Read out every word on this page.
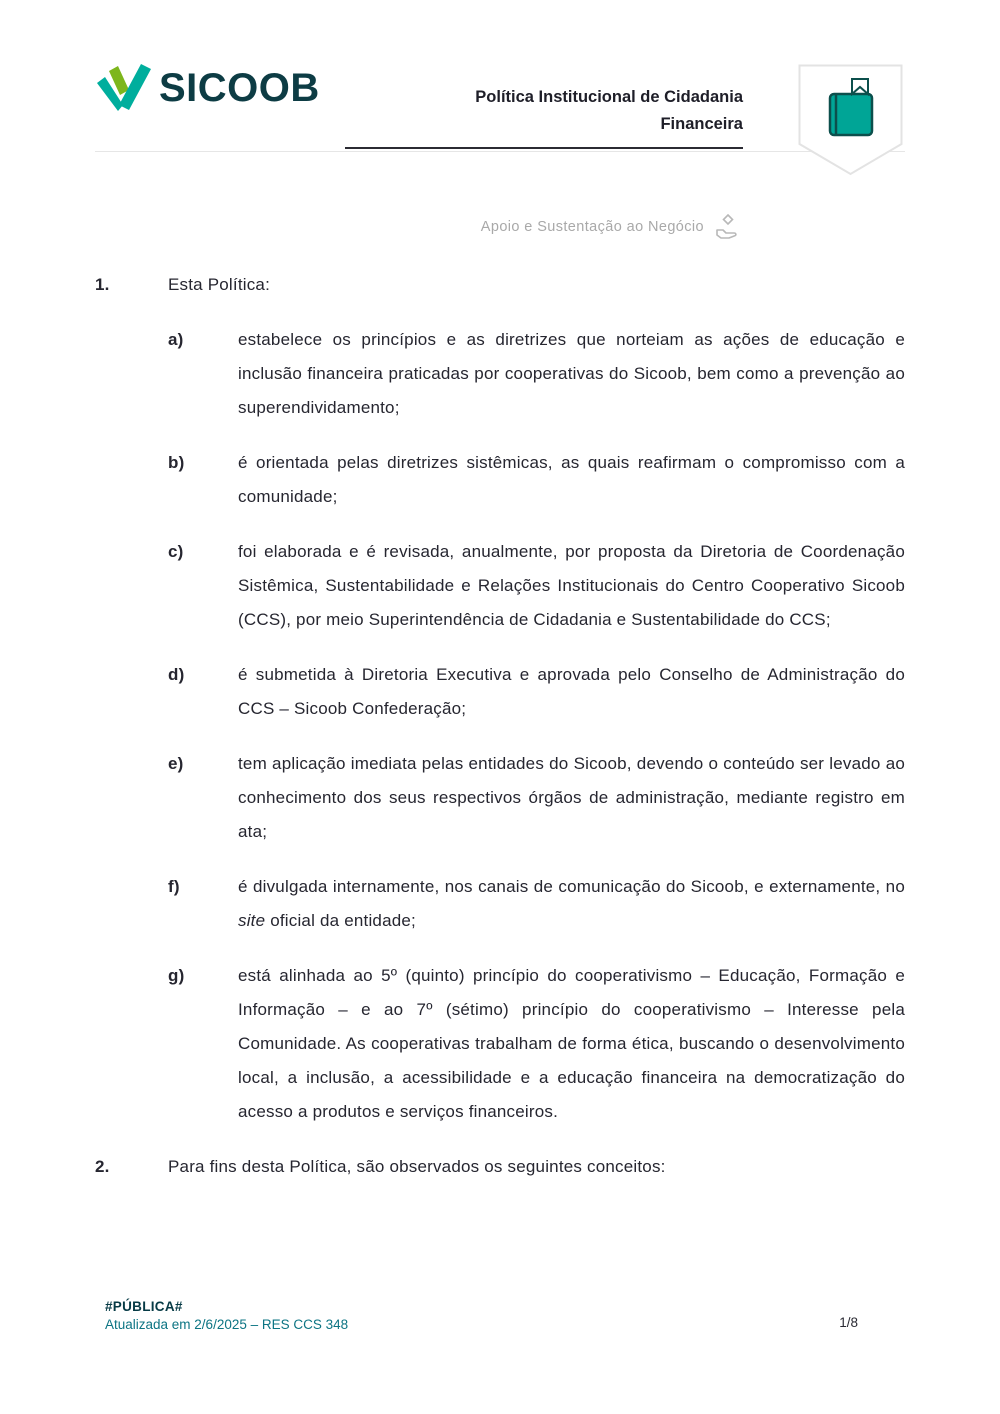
SICOOB	Política Institucional de Cidadania
Financeira
Apoio e Sustentação ao Negócio
1.	Esta Política:
a)	estabelece os princípios e as diretrizes que norteiam as ações de educação e inclusão financeira praticadas por cooperativas do Sicoob, bem como a prevenção ao superendividamento;
b)	é orientada pelas diretrizes sistêmicas, as quais reafirmam o compromisso com a comunidade;
c)	foi elaborada e é revisada, anualmente, por proposta da Diretoria de Coordenação Sistêmica, Sustentabilidade e Relações Institucionais do Centro Cooperativo Sicoob (CCS), por meio Superintendência de Cidadania e Sustentabilidade do CCS;
d)	é submetida à Diretoria Executiva e aprovada pelo Conselho de Administração do CCS – Sicoob Confederação;
e)	tem aplicação imediata pelas entidades do Sicoob, devendo o conteúdo ser levado ao conhecimento dos seus respectivos órgãos de administração, mediante registro em ata;
f)	é divulgada internamente, nos canais de comunicação do Sicoob, e externamente, no site oficial da entidade;
g)	está alinhada ao 5º (quinto) princípio do cooperativismo – Educação, Formação e Informação – e ao 7º (sétimo) princípio do cooperativismo – Interesse pela Comunidade. As cooperativas trabalham de forma ética, buscando o desenvolvimento local, a inclusão, a acessibilidade e a educação financeira na democratização do acesso a produtos e serviços financeiros.
2.	Para fins desta Política, são observados os seguintes conceitos:
#PÚBLICA#
Atualizada em 2/6/2025 – RES CCS 348	1/8
